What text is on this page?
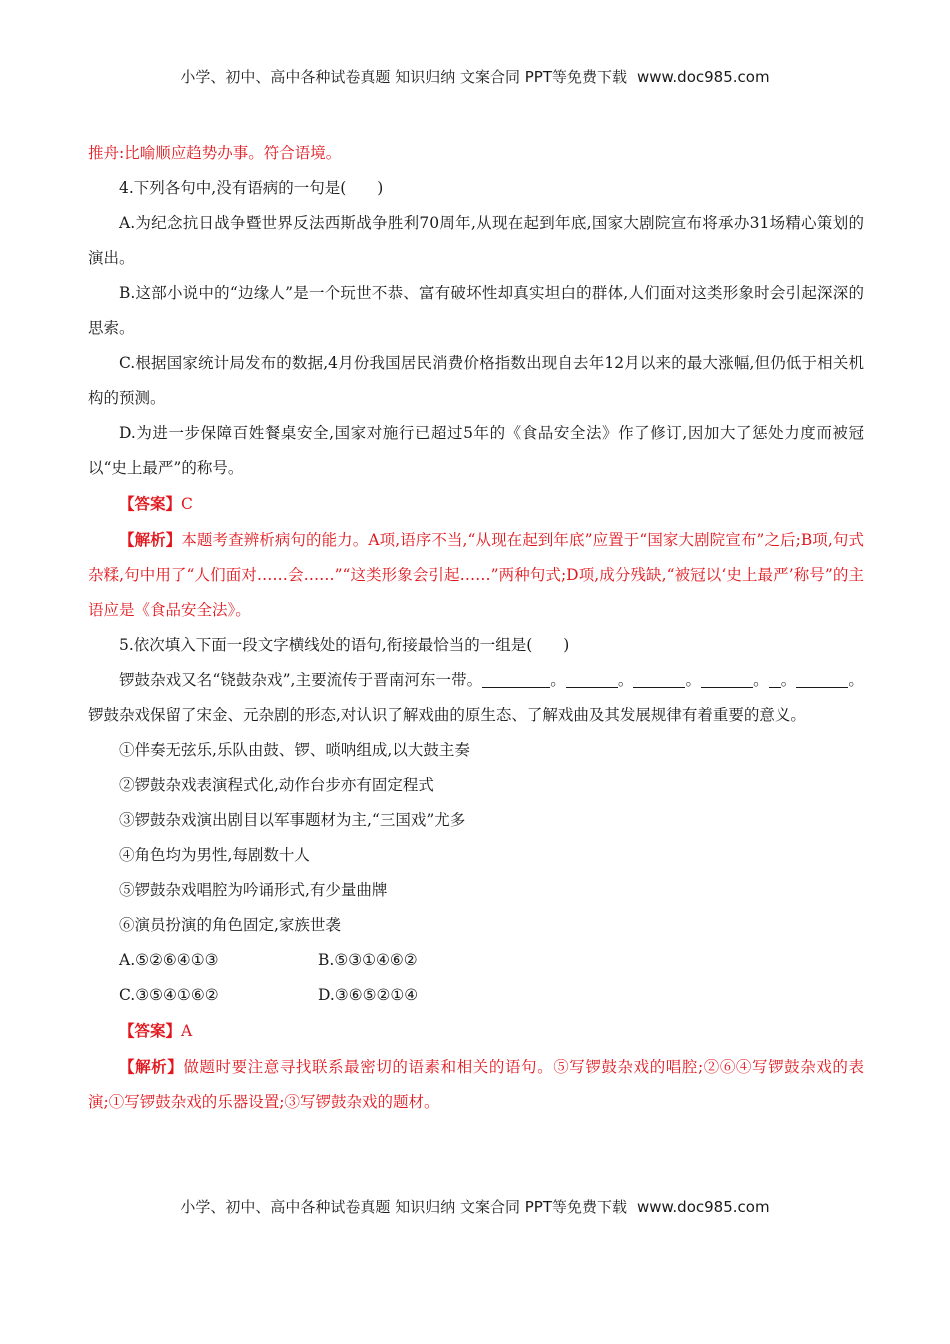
小学、初中、高中各种试卷真题 知识归纳 文案合同 PPT等免费下载 www.doc985.com

推舟:比喻顺应趋势办事。符合语境。

4.下列各句中,没有语病的一句是(　　)

A.为纪念抗日战争暨世界反法西斯战争胜利70周年,从现在起到年底,国家大剧院宣布将承办31场精心策划的演出。

B.这部小说中的“边缘人”是一个玩世不恭、富有破坏性却真实坦白的群体,人们面对这类形象时会引起深深的思索。

C.根据国家统计局发布的数据,4月份我国居民消费价格指数出现自去年12月以来的最大涨幅,但仍低于相关机构的预测。

D.为进一步保障百姓餐桌安全,国家对施行已超过5年的《食品安全法》作了修订,因加大了惩处力度而被冠以“史上最严”的称号。

【答案】C

【解析】本题考查辨析病句的能力。A项,语序不当,“从现在起到年底”应置于“国家大剧院宣布”之后;B项,句式杂糅,句中用了“人们面对……会……”“这类形象会引起……”两种句式;D项,成分残缺,“被冠以‘史上最严’称号”的主语应是《食品安全法》。

5.依次填入下面一段文字横线处的语句,衔接最恰当的一组是(　　)

锣鼓杂戏又名“铙鼓杂戏”,主要流传于晋南河东一带。	。	。	。	。 。	。锣鼓杂戏保留了宋金、元杂剧的形态,对认识了解戏曲的原生态、了解戏曲及其发展规律有着重要的意义。

①伴奏无弦乐,乐队由鼓、锣、唢呐组成,以大鼓主奏

②锣鼓杂戏表演程式化,动作台步亦有固定程式

③锣鼓杂戏演出剧目以军事题材为主,“三国戏”尤多

④角色均为男性,每剧数十人

⑤锣鼓杂戏唱腔为吟诵形式,有少量曲牌

⑥演员扮演的角色固定,家族世袭

A.⑤②⑥④①③	B.⑤③①④⑥②
C.③⑤④①⑥②	D.③⑥⑤②①④

【答案】A

【解析】做题时要注意寻找联系最密切的语素和相关的语句。⑤写锣鼓杂戏的唱腔;②⑥④写锣鼓杂戏的表演;①写锣鼓杂戏的乐器设置;③写锣鼓杂戏的题材。

小学、初中、高中各种试卷真题 知识归纳 文案合同 PPT等免费下载 www.doc985.com
